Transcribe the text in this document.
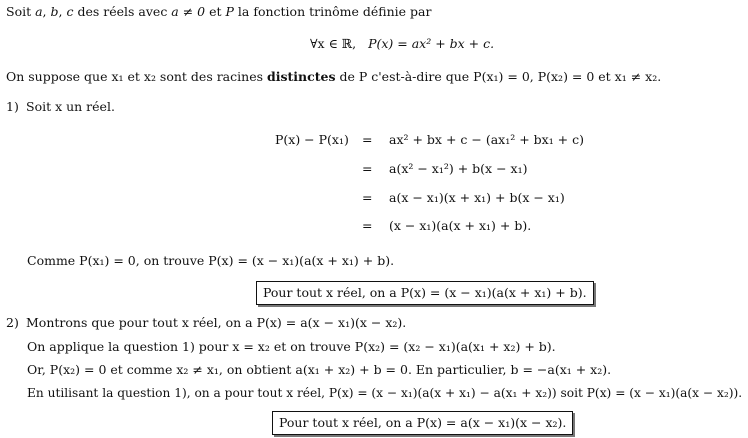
Soit a, b, c des réels avec a ≠ 0 et P la fonction trinôme définie par
∀x ∈ ℝ, P(x) = ax² + bx + c.
On suppose que x₁ et x₂ sont des racines distinctes de P c'est-à-dire que P(x₁) = 0, P(x₂) = 0 et x₁ ≠ x₂.
1) Soit x un réel.
P(x) − P(x₁) = ax² + bx + c − (ax₁² + bx₁ + c)
= a(x² − x₁²) + b(x − x₁)
= a(x − x₁)(x + x₁) + b(x − x₁)
= (x − x₁)(a(x + x₁) + b).
Comme P(x₁) = 0, on trouve P(x) = (x − x₁)(a(x + x₁) + b).
Pour tout x réel, on a P(x) = (x − x₁)(a(x + x₁) + b).
2) Montrons que pour tout x réel, on a P(x) = a(x − x₁)(x − x₂).
On applique la question 1) pour x = x₂ et on trouve P(x₂) = (x₂ − x₁)(a(x₁ + x₂) + b).
Or, P(x₂) = 0 et comme x₂ ≠ x₁, on obtient a(x₁ + x₂) + b = 0. En particulier, b = −a(x₁ + x₂).
En utilisant la question 1), on a pour tout x réel, P(x) = (x − x₁)(a(x + x₁) − a(x₁ + x₂)) soit P(x) = (x − x₁)(a(x − x₂)).
Pour tout x réel, on a P(x) = a(x − x₁)(x − x₂).
